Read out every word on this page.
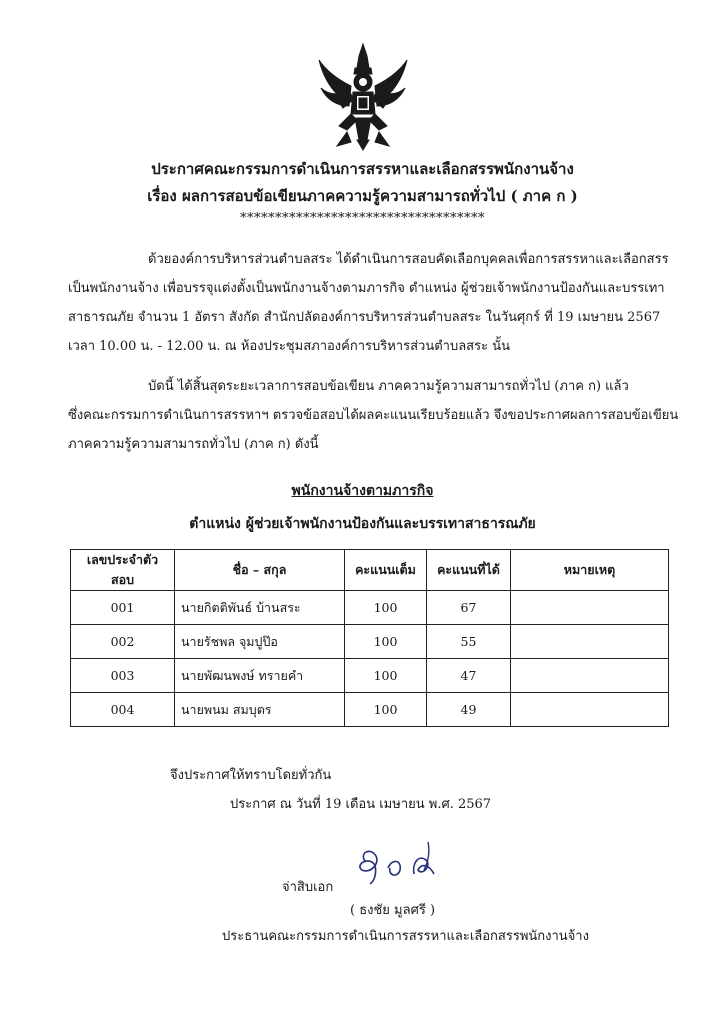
ประกาศคณะกรรมการดำเนินการสรรหาและเลือกสรรพนักงานจ้าง
เรื่อง ผลการสอบข้อเขียนภาคความรู้ความสามารถทั่วไป ( ภาค ก )
***********************************
ด้วยองค์การบริหารส่วนตำบลสระ ได้ดำเนินการสอบคัดเลือกบุคคลเพื่อการสรรหาและเลือกสรร
เป็นพนักงานจ้าง เพื่อบรรจุแต่งตั้งเป็นพนักงานจ้างตามภารกิจ ตำแหน่ง ผู้ช่วยเจ้าพนักงานป้องกันและบรรเทา
สาธารณภัย จำนวน 1 อัตรา สังกัด สำนักปลัดองค์การบริหารส่วนตำบลสระ ในวันศุกร์ ที่ 19 เมษายน 2567
เวลา 10.00 น. - 12.00 น. ณ ห้องประชุมสภาองค์การบริหารส่วนตำบลสระ นั้น
บัดนี้ ได้สิ้นสุดระยะเวลาการสอบข้อเขียน ภาคความรู้ความสามารถทั่วไป (ภาค ก) แล้ว
ซึ่งคณะกรรมการดำเนินการสรรหาฯ ตรวจข้อสอบได้ผลคะแนนเรียบร้อยแล้ว จึงขอประกาศผลการสอบข้อเขียน
ภาคความรู้ความสามารถทั่วไป (ภาค ก) ดังนี้
พนักงานจ้างตามภารกิจ
ตำแหน่ง ผู้ช่วยเจ้าพนักงานป้องกันและบรรเทาสาธารณภัย
เลขประจำตัวสอบ	ชื่อ – สกุล	คะแนนเต็ม	คะแนนที่ได้	หมายเหตุ
001	นายกิตติพันธ์ บ้านสระ	100	67	
002	นายรัชพล จุมปูป๊อ	100	55	
003	นายพัฒนพงษ์ ทรายคำ	100	47	
004	นายพนม สมบุตร	100	49	
จึงประกาศให้ทราบโดยทั่วกัน
ประกาศ ณ วันที่ 19 เดือน เมษายน พ.ศ. 2567
จ่าสิบเอก
( ธงชัย มูลศรี )
ประธานคณะกรรมการดำเนินการสรรหาและเลือกสรรพนักงานจ้าง
